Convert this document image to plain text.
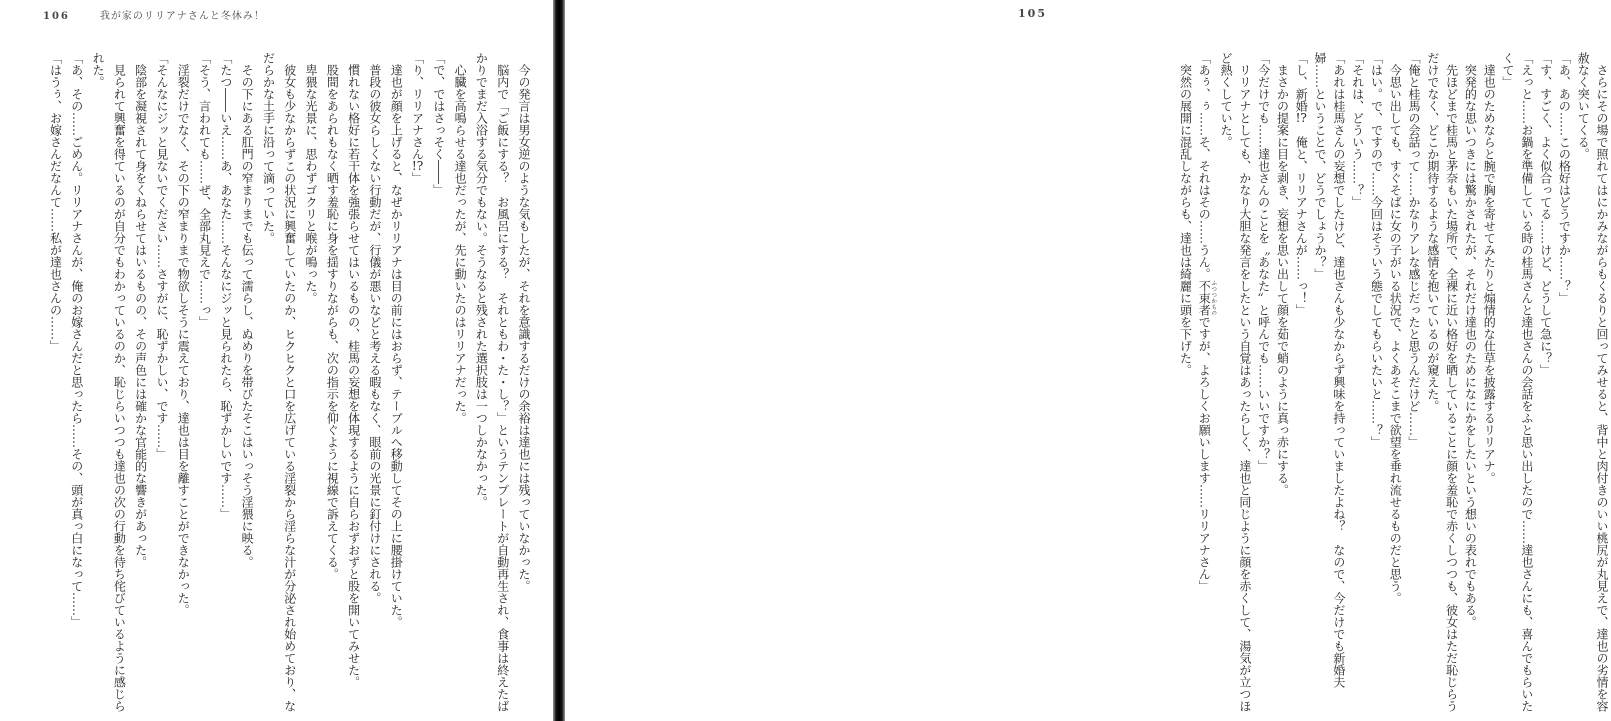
106	我が家のリリアナさんと冬休み！

今の発言は男女逆のような気もしたが、それを意識するだけの余裕は達也には残っていなかった。

脳内で「ご飯にする？　お風呂にする？　それともわ・た・し？」というテンプレートが自動再生され、食事は終えたばかりでまだ入浴する気分でもない。そうなると残された選択肢は一つしかなかった。

心臓を高鳴らせる達也だったが、先に動いたのはリリアナだった。

「で、ではさっそく――」

「り、リリアナさん!?」

達也が顔を上げると、なぜかリリアナは目の前にはおらず、テーブルへ移動してその上に腰掛けていた。

普段の彼女らしくない行動だが、行儀が悪いなどと考える暇もなく、眼前の光景に釘付けにされる。

慣れない格好に若干体を強張らせてはいるものの、桂馬の妄想を体現するように自らおずおずと股を開いてみせた。

股間をあられもなく晒す羞恥に身を揺すりながらも、次の指示を仰ぐように視線で訴えてくる。

卑猥な光景に、思わずゴクリと喉が鳴った。

彼女も少なからずこの状況に興奮していたのか、ヒクヒクと口を広げている淫裂から淫らな汁が分泌され始めており、なだらかな土手に沿って滴っていた。

その下にある肛門の窄まりまでも伝って濡らし、ぬめりを帯びたそこはいっそう淫猥に映る。

「たつ――いえ……あ、あなた……そんなにジッと見られたら、恥ずかしいです……」

「そう、言われても……ぜ、全部丸見えで……っ」

淫裂だけでなく、その下の窄まりまで物欲しそうに震えており、達也は目を離すことができなかった。

「そんなにジッと見ないでください……さすがに、恥ずかしい、です……」

陰部を凝視されて身をくねらせてはいるものの、その声色には確かな官能的な響きがあった。

見られて興奮を得ているのが自分でもわかっているのか、恥じらいつつも達也の次の行動を待ち侘びているように感じられた。

「あ、その……ごめん。リリアナさんが、俺のお嫁さんだと思ったら……その、頭が真っ白になって……」

「はうぅ、お嫁さんだなんて……私が達也さんの……」

105

さらにその場で照れてはにかみながらもくるりと回ってみせると、背中と肉付きのいい桃尻が丸見えで、達也の劣情を容赦なく突いてくる。

「あ、あの……この格好はどうですか……？」

「す、すごく、よく似合ってる……けど、どうして急に？」

「えっと……お鍋を準備している時の桂馬さんと達也さんの会話をふと思い出したので……達也さんにも、喜んでもらいたくて」

達也のためならと腕で胸を寄せてみたりと煽情的な仕草を披露するリリアナ。

突発的な思いつきには驚かされたが、それだけ達也のためになにかをしたいという想いの表れでもある。

先ほどまで桂馬と茅奈もいた場所で、全裸に近い格好を晒していることに顔を羞恥で赤くしつつも、彼女はただ恥じらうだけでなく、どこか期待するような感情を抱いているのが窺えた。

「俺と桂馬の会話って……かなりアレな感じだったと思うんだけど……」

今思い出しても、すぐそばに女の子がいる状況で、よくあそこまで欲望を垂れ流せるものだと思う。

「はい。で、ですので……今回はそういう態でしてもらいたいと……？」

「それは、どういう……？」

「あれは桂馬さんの妄想でしたけど、達也さんも少なからず興味を持っていましたよね？　なので、今だけでも新婚夫婦……ということで、どうでしょうか？」

「し、新婚!?　俺と、リリアナさんが……っ！」

まさかの提案に目を剥き、妄想を思い出して顔を茹で蛸のように真っ赤にする。

「今だけでも……達也さんのことを〝あなた〟と呼んでも……いいですか？」

リリアナとしても、かなり大胆な発言をしたという自覚はあったらしく、達也と同じように顔を赤くして、湯気が立つほど熱くしていた。

「あぅ、ぅ……そ、それはその……うん。不束者 ふつつかものですが、よろしくお願いします……リリアナさん」

突然の展開に混乱しながらも、達也は綺麗に頭を下げた。
